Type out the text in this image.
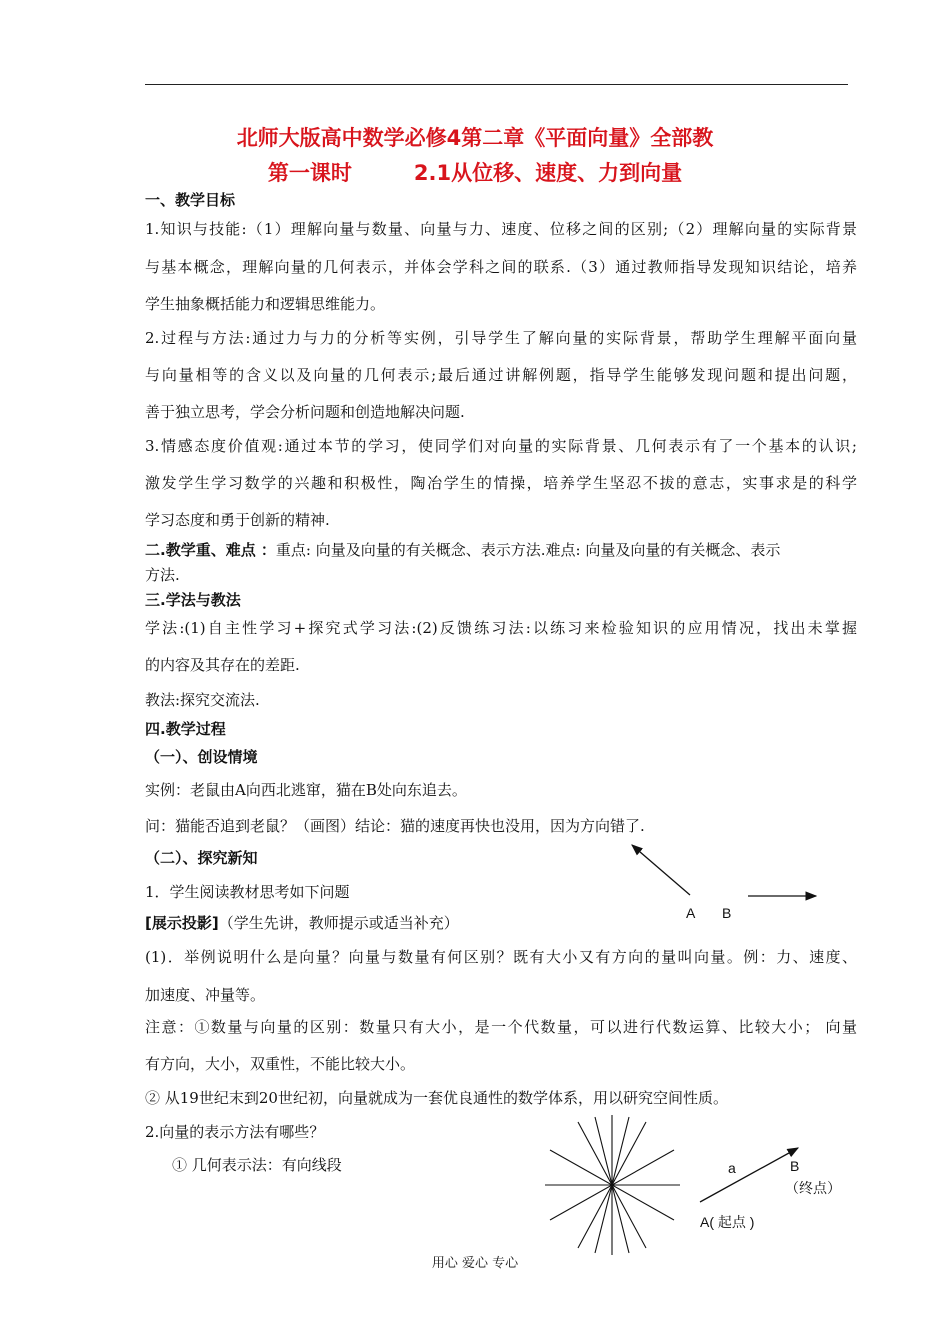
北师大版高中数学必修4第二章《平面向量》全部教
第一课时	2.1从位移、速度、力到向量
一、教学目标
1.知识与技能:（1）理解向量与数量、向量与力、速度、位移之间的区别;（2）理解向量的实际背景
与基本概念，理解向量的几何表示，并体会学科之间的联系.（3）通过教师指导发现知识结论，培养
学生抽象概括能力和逻辑思维能力。
2.过程与方法:通过力与力的分析等实例，引导学生了解向量的实际背景，帮助学生理解平面向量
与向量相等的含义以及向量的几何表示;最后通过讲解例题，指导学生能够发现问题和提出问题，
善于独立思考，学会分析问题和创造地解决问题.
3.情感态度价值观:通过本节的学习，使同学们对向量的实际背景、几何表示有了一个基本的认识;
激发学生学习数学的兴趣和积极性，陶冶学生的情操，培养学生坚忍不拔的意志，实事求是的科学
学习态度和勇于创新的精神.
二.教学重、难点 ：重点: 向量及向量的有关概念、表示方法.难点: 向量及向量的有关概念、表示
方法.
三.学法与教法
学法:(1)自主性学习+探究式学习法:(2)反馈练习法:以练习来检验知识的应用情况，找出未掌握
的内容及其存在的差距.
教法:探究交流法.
四.教学过程
（一）、创设情境
实例：老鼠由A向西北逃窜，猫在B处向东追去。
问：猫能否追到老鼠？（画图）结论：猫的速度再快也没用，因为方向错了.
（二）、探究新知
1．学生阅读教材思考如下问题
[展示投影]（学生先讲，教师提示或适当补充）
(1)．举例说明什么是向量？向量与数量有何区别？既有大小又有方向的量叫向量。例：力、速度、
加速度、冲量等。
注意：①数量与向量的区别：数量只有大小，是一个代数量，可以进行代数运算、比较大小； 向量
有方向，大小，双重性，不能比较大小。
② 从19世纪末到20世纪初，向量就成为一套优良通性的数学体系，用以研究空间性质。
2.向量的表示方法有哪些？
① 几何表示法：有向线段
A B
a	B
（终点）
A( 起点 )
用心 爱心 专心
